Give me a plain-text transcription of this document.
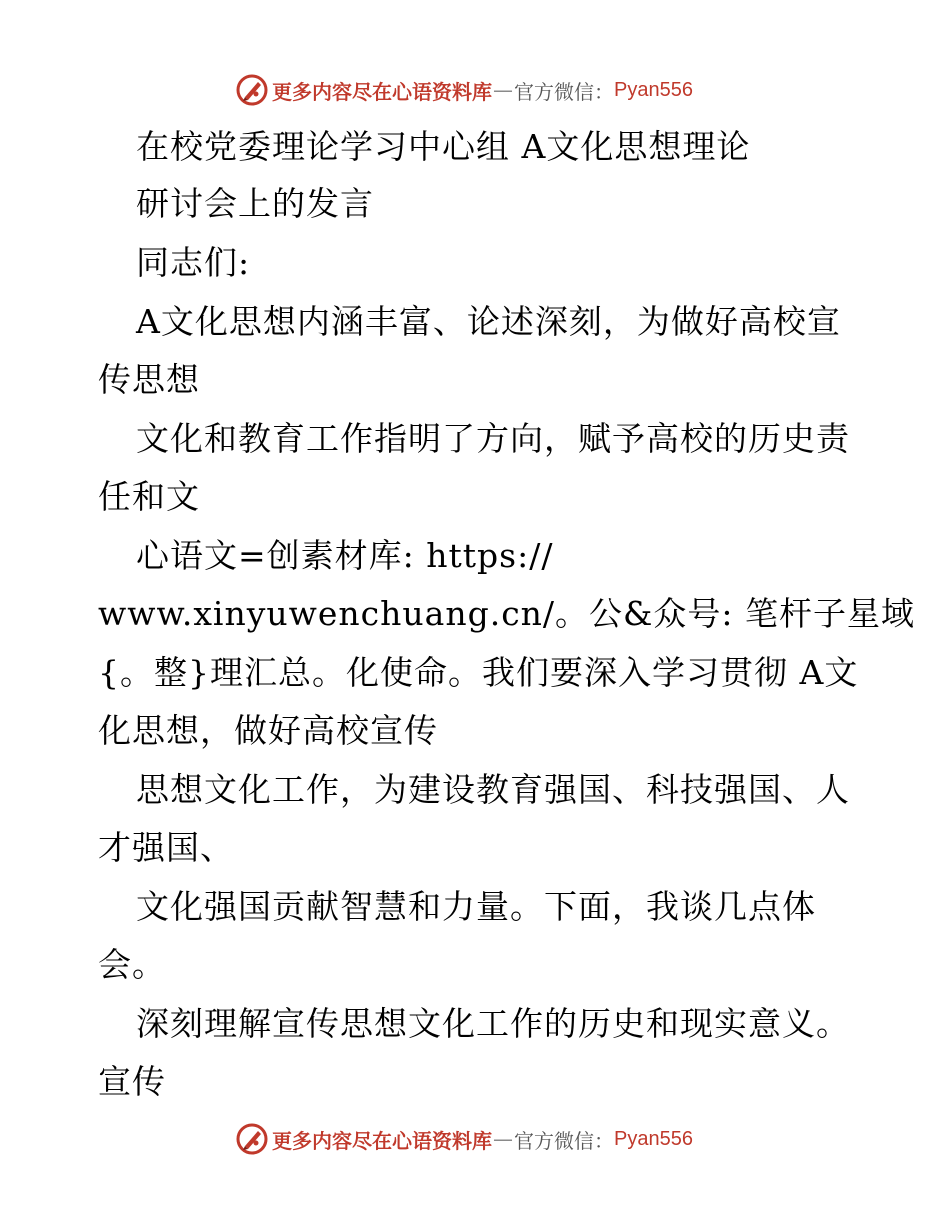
更多内容尽在心语资料库 — 官方微信： Pyan556
在校党委理论学习中心组 A文化思想理论
研讨会上的发言
同志们:
A文化思想内涵丰富、论述深刻，为做好高校宣
传思想
文化和教育工作指明了方向，赋予高校的历史责
任和文
心语文=创素材库: https://
www.xinyuwenchuang.cn/。公&众号: 笔杆子星域
{。整}理汇总。化使命。我们要深入学习贯彻 A文
化思想，做好高校宣传
思想文化工作，为建设教育强国、科技强国、人
才强国、
文化强国贡献智慧和力量。下面，我谈几点体
会。
深刻理解宣传思想文化工作的历史和现实意义。
宣传
更多内容尽在心语资料库 — 官方微信： Pyan556
